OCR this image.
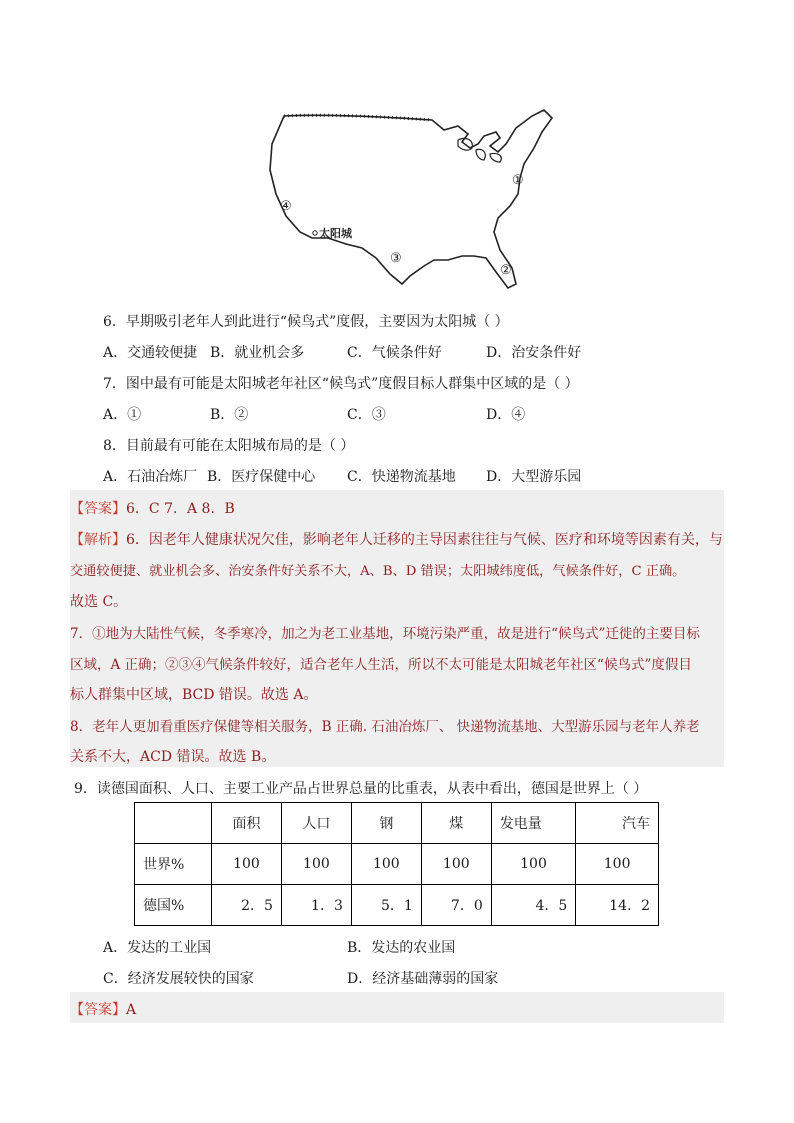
①
②
③
④
太阳城
6．早期吸引老年人到此进行“候鸟式”度假，主要因为太阳城（ ）
A．交通较便捷 B．就业机会多	C．气候条件好	D．治安条件好
7．图中最有可能是太阳城老年社区“候鸟式”度假目标人群集中区域的是（ ）
A．①	B．②	C．③	D．④
8．目前最有可能在太阳城布局的是（ ）
A．石油冶炼厂 B．医疗保健中心 C．快递物流基地 D．大型游乐园
【答案】6．C 7．A 8．B
【解析】6．因老年人健康状况欠佳，影响老年人迁移的主导因素往往与气候、医疗和环境等因素有关，与
交通较便捷、就业机会多、治安条件好关系不大，A、B、D 错误；太阳城纬度低，气候条件好，C 正确。
故选 C。
7．①地为大陆性气候，冬季寒冷，加之为老工业基地，环境污染严重，故是进行“候鸟式”迁徙的主要目标
区域，A 正确；②③④气候条件较好，适合老年人生活，所以不太可能是太阳城老年社区“候鸟式”度假目
标人群集中区域，BCD 错误。故选 A。
8．老年人更加看重医疗保健等相关服务，B 正确. 石油冶炼厂、 快递物流基地、大型游乐园与老年人养老
关系不大，ACD 错误。故选 B。
9．读德国面积、人口、主要工业产品占世界总量的比重表，从表中看出，德国是世界上（ ）
	面积	人口	钢	煤	发电量	汽车
世界%	100	100	100	100	100	100
德国%	2．5	1．3	5．1	7．0	4．5	14．2
A．发达的工业国	B．发达的农业国
C．经济发展较快的国家	D．经济基础薄弱的国家
【答案】A
